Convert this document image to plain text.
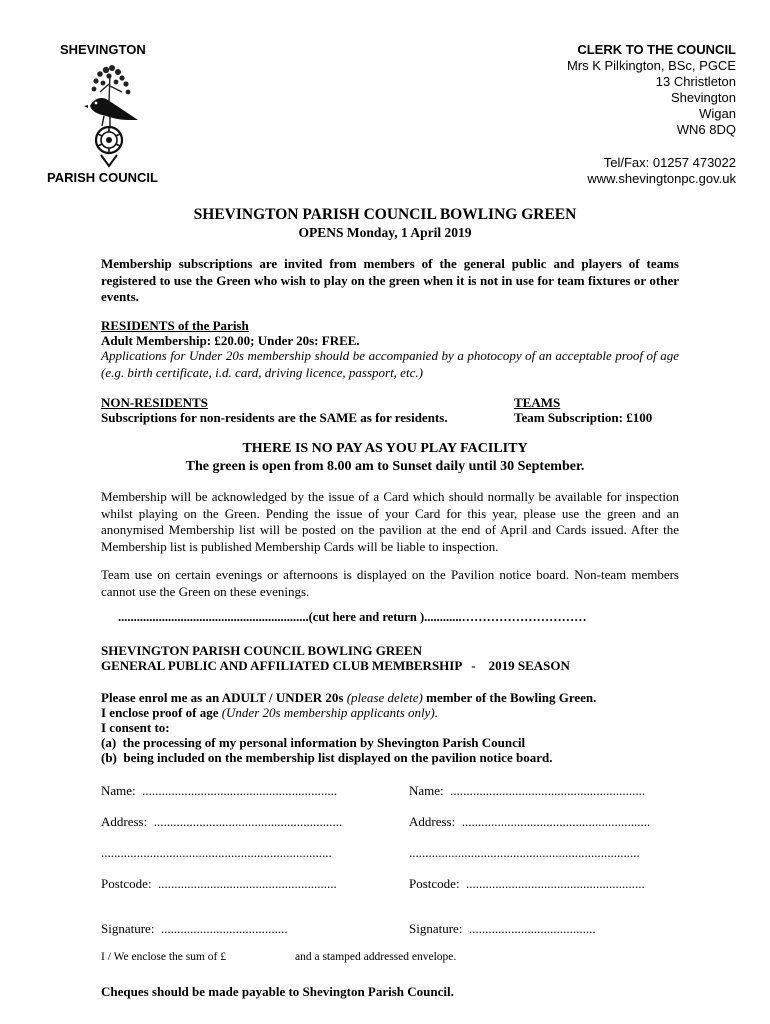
SHEVINGTON
PARISH COUNCIL
CLERK TO THE COUNCIL
Mrs K Pilkington, BSc, PGCE
13 Christleton
Shevington
Wigan
WN6 8DQ
Tel/Fax: 01257 473022
www.shevingtonpc.gov.uk
SHEVINGTON PARISH COUNCIL BOWLING GREEN
OPENS Monday, 1 April 2019
Membership subscriptions are invited from members of the general public and players of teams registered to use the Green who wish to play on the green when it is not in use for team fixtures or other events.
RESIDENTS of the Parish
Adult Membership: £20.00; Under 20s: FREE.
Applications for Under 20s membership should be accompanied by a photocopy of an acceptable proof of age (e.g. birth certificate, i.d. card, driving licence, passport, etc.)
NON-RESIDENTS
Subscriptions for non-residents are the SAME as for residents.
TEAMS
Team Subscription: £100
THERE IS NO PAY AS YOU PLAY FACILITY
The green is open from 8.00 am to Sunset daily until 30 September.
Membership will be acknowledged by the issue of a Card which should normally be available for inspection whilst playing on the Green. Pending the issue of your Card for this year, please use the green and an anonymised Membership list will be posted on the pavilion at the end of April and Cards issued. After the Membership list is published Membership Cards will be liable to inspection.
Team use on certain evenings or afternoons is displayed on the Pavilion notice board. Non-team members cannot use the Green on these evenings.
.............................................................(cut here and return )............…………………………
SHEVINGTON PARISH COUNCIL BOWLING GREEN
GENERAL PUBLIC AND AFFILIATED CLUB MEMBERSHIP   -    2019 SEASON
Please enrol me as an ADULT / UNDER 20s (please delete) member of the Bowling Green.
I enclose proof of age (Under 20s membership applicants only).
I consent to:
(a)  the processing of my personal information by Shevington Parish Council
(b)  being included on the membership list displayed on the pavilion notice board.
Name:  ............................................................	Name:  ............................................................
Address:  ..........................................................	Address:  ..........................................................
.......................................................................	.......................................................................
Postcode:  .......................................................	Postcode:  .......................................................
Signature:  .......................................	Signature:  .......................................
I / We enclose the sum of £	and a stamped addressed envelope.
Cheques should be made payable to Shevington Parish Council.
